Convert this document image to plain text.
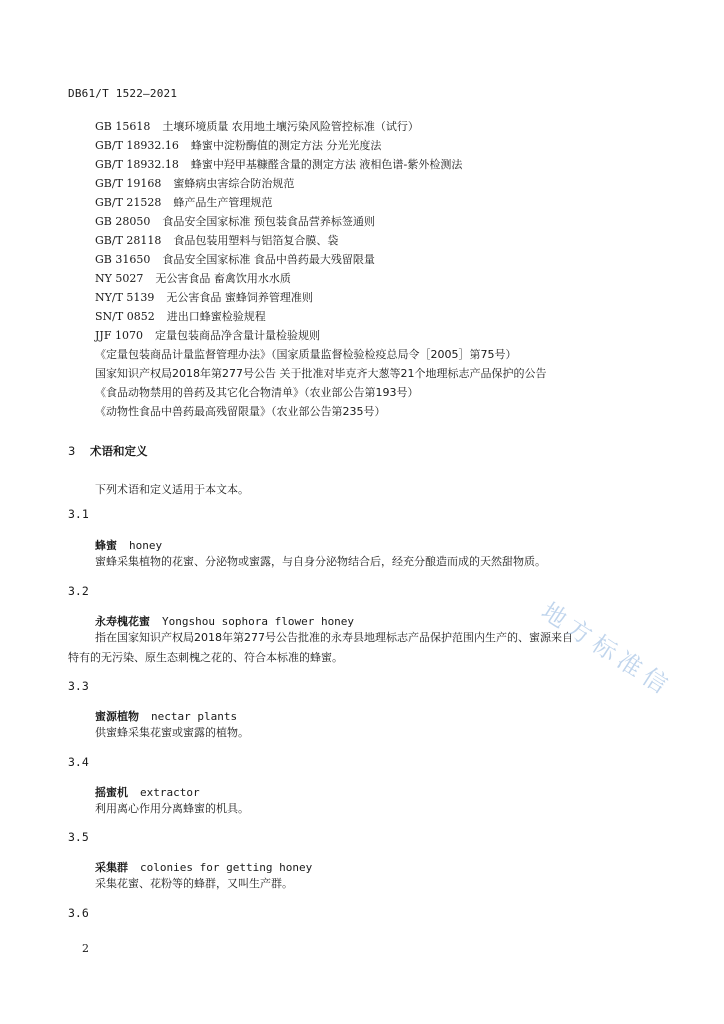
DB61/T 1522—2021
GB 15618 土壤环境质量 农用地土壤污染风险管控标准（试行）
GB/T 18932.16 蜂蜜中淀粉酶值的测定方法 分光光度法
GB/T 18932.18 蜂蜜中羟甲基糠醛含量的测定方法 液相色谱-紫外检测法
GB/T 19168 蜜蜂病虫害综合防治规范
GB/T 21528 蜂产品生产管理规范
GB 28050 食品安全国家标准 预包装食品营养标签通则
GB/T 28118 食品包装用塑料与铝箔复合膜、袋
GB 31650 食品安全国家标准 食品中兽药最大残留限量
NY 5027 无公害食品 畜禽饮用水水质
NY/T 5139 无公害食品 蜜蜂饲养管理准则
SN/T 0852 进出口蜂蜜检验规程
JJF 1070 定量包装商品净含量计量检验规则
《定量包装商品计量监督管理办法》（国家质量监督检验检疫总局令［2005］第75号）
国家知识产权局2018年第277号公告 关于批准对毕克齐大葱等21个地理标志产品保护的公告
《食品动物禁用的兽药及其它化合物清单》（农业部公告第193号）
《动物性食品中兽药最高残留限量》（农业部公告第235号）
3 术语和定义
下列术语和定义适用于本文本。
3.1
蜂蜜 honey
蜜蜂采集植物的花蜜、分泌物或蜜露，与自身分泌物结合后，经充分酿造而成的天然甜物质。
3.2
永寿槐花蜜 Yongshou sophora flower honey
指在国家知识产权局2018年第277号公告批准的永寿县地理标志产品保护范围内生产的、蜜源来自
特有的无污染、原生态刺槐之花的、符合本标准的蜂蜜。
3.3
蜜源植物 nectar plants
供蜜蜂采集花蜜或蜜露的植物。
3.4
摇蜜机 extractor
利用离心作用分离蜂蜜的机具。
3.5
采集群 colonies for getting honey
采集花蜜、花粉等的蜂群，又叫生产群。
3.6
2
地方标准信
